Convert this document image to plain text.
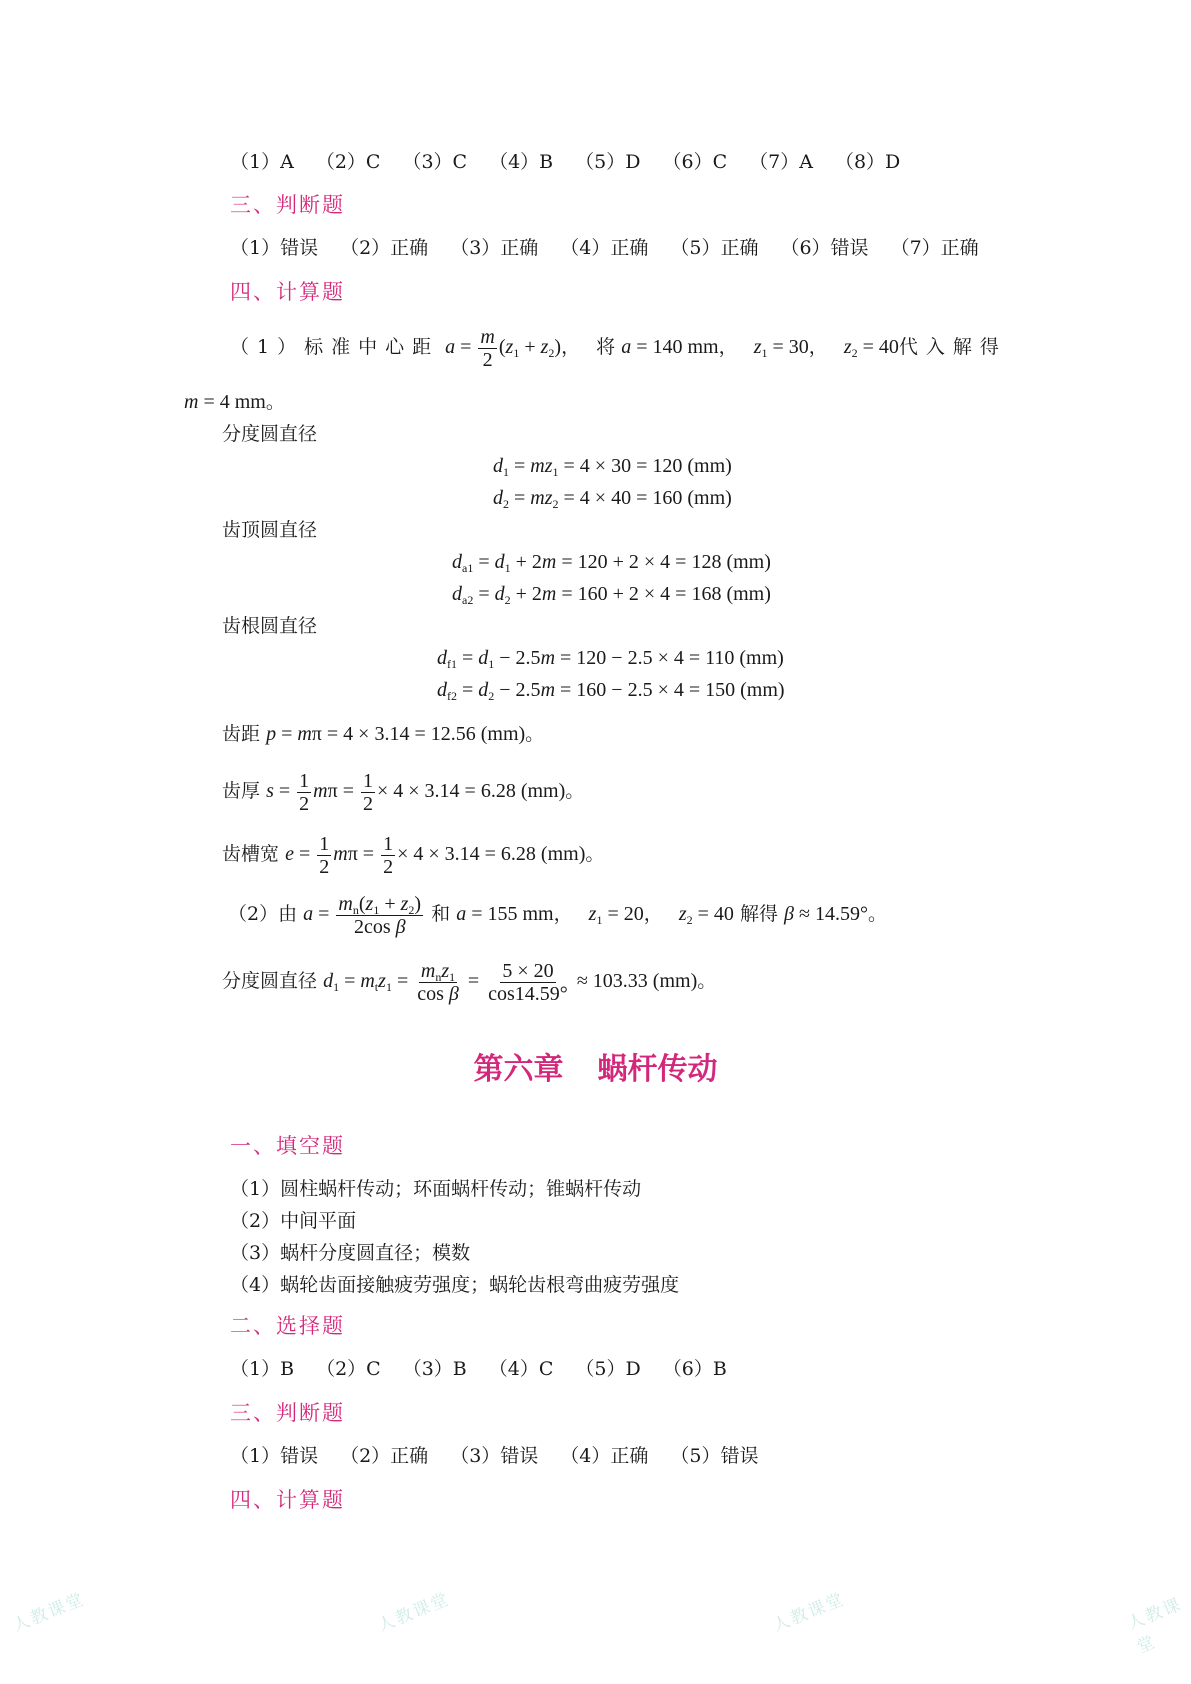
（1）A （2）C （3）C （4）B （5）D （6）C （7）A （8）D
三、判断题
（1）错误 （2）正确 （3）正确 （4）正确 （5）正确 （6）错误 （7）正确
四、计算题
（1）标准中心距 $a = \frac{m}{2} (z_1 + z_2)$， 将 a = 140 mm， $z_1 = 30$， $z_2 = 40$代入解得
m = 4 mm。
分度圆直径
$d_1 = mz_1 = 4 \times 30 = 120$ (mm)
$d_2 = mz_2 = 4 \times 40 = 160$ (mm)
齿顶圆直径
$d_{a1} = d_1 + 2m = 120 + 2 \times 4 = 128$ (mm)
$d_{a2} = d_2 + 2m = 160 + 2 \times 4 = 168$ (mm)
齿根圆直径
$d_{f1} = d_1 - 2.5m = 120 - 2.5 \times 4 = 110$ (mm)
$d_{f2} = d_2 - 2.5m = 160 - 2.5 \times 4 = 150$ (mm)
齿距 p = mπ = 4 × 3.14 = 12.56 (mm)。
齿厚 $s = \frac{1}{2}$ $m\pi = \frac{1}{2} \times 4 \times 3.14 = 6.28$ (mm)。
齿槽宽 $e = \frac{1}{2}$ $m\pi = \frac{1}{2} \times 4 \times 3.14 = 6.28$ (mm)。
（2）由 $a = \frac{m_n(z_1 + z_2)}{\text{2cos β}}$ 和 a = 155 mm， $z_1 = 20$， $z_2 = 40$ 解得 β ≈ 14.59°。
分度圆直径 $d_1 = m_tz_1 = \frac{m_nz_1}{\text{cos β}} = \frac{5 \times 20}{\cos 14.59^\circ} \approx 103.33$ (mm)。
第六章 蜗杆传动
一、填空题
（1）圆柱蜗杆传动；环面蜗杆传动；锥蜗杆传动
（2）中间平面
（3）蜗杆分度圆直径；模数
（4）蜗轮齿面接触疲劳强度；蜗轮齿根弯曲疲劳强度
二、选择题
（1）B （2）C （3）B （4）C （5）D （6）B
三、判断题
（1）错误 （2）正确 （3）错误 （4）正确 （5）错误
四、计算题
人教课堂	人教课堂	人教课堂	人教课堂
